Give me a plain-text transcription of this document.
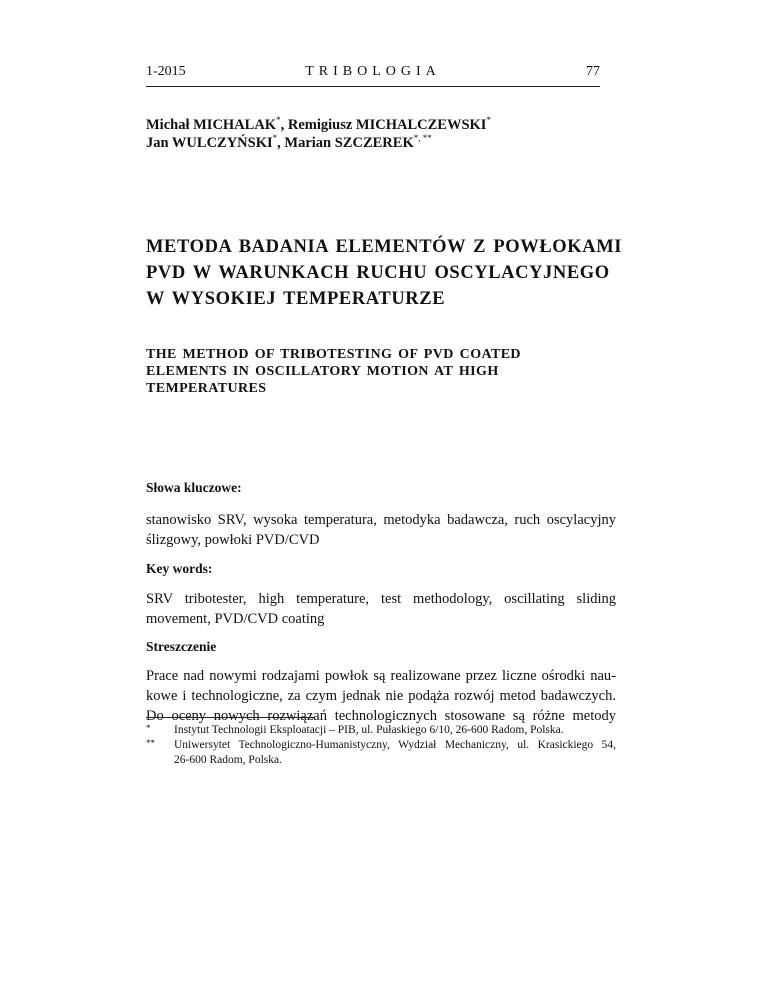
1-2015	TRIBOLOGIA	77
Michał MICHALAK*, Remigiusz MICHALCZEWSKI*
Jan WULCZYŃSKI*, Marian SZCZEREK*, **
METODA BADANIA ELEMENTÓW Z POWŁOKAMI
PVD W WARUNKACH RUCHU OSCYLACYJNEGO
W WYSOKIEJ TEMPERATURZE
THE METHOD OF TRIBOTESTING OF PVD COATED
ELEMENTS IN OSCILLATORY MOTION AT HIGH
TEMPERATURES
Słowa kluczowe:
stanowisko SRV, wysoka temperatura, metodyka badawcza, ruch oscylacyjny
ślizgowy, powłoki PVD/CVD
Key words:
SRV tribotester, high temperature, test methodology, oscillating sliding
movement, PVD/CVD coating
Streszczenie
Prace nad nowymi rodzajami powłok są realizowane przez liczne ośrodki nau-
kowe i technologiczne, za czym jednak nie podąża rozwój metod badawczych.
Do oceny nowych rozwiązań technologicznych stosowane są różne metody
* Instytut Technologii Eksploatacji – PIB, ul. Pułaskiego 6/10, 26-600 Radom, Polska.
** Uniwersytet Technologiczno-Humanistyczny, Wydział Mechaniczny, ul. Krasickiego 54,
26-600 Radom, Polska.
